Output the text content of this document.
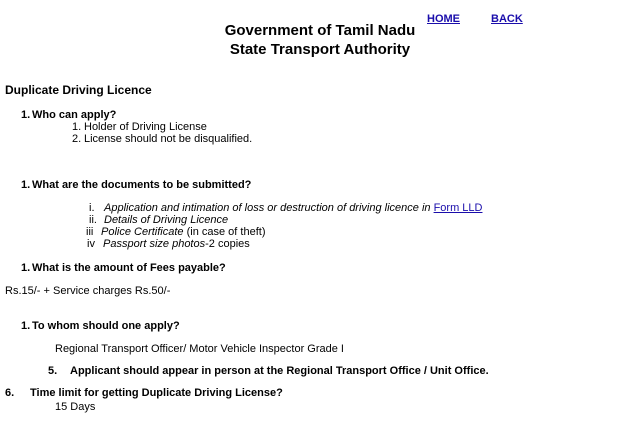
HOME	BACK
Government of Tamil Nadu
State Transport Authority
Duplicate Driving Licence
1. Who can apply?
1. Holder of Driving License
2. License should not be disqualified.
1. What are the documents to be submitted?
i. Application and intimation of loss or destruction of driving licence in Form LLD
ii. Details of Driving Licence
iii Police Certificate (in case of theft)
iv Passport size photos-2 copies
1. What is the amount of Fees payable?
Rs.15/- + Service charges Rs.50/-
1. To whom should one apply?
Regional Transport Officer/ Motor Vehicle Inspector Grade I
5. Applicant should appear in person at the Regional Transport Office / Unit Office.
6. Time limit for getting Duplicate Driving License?
15 Days
